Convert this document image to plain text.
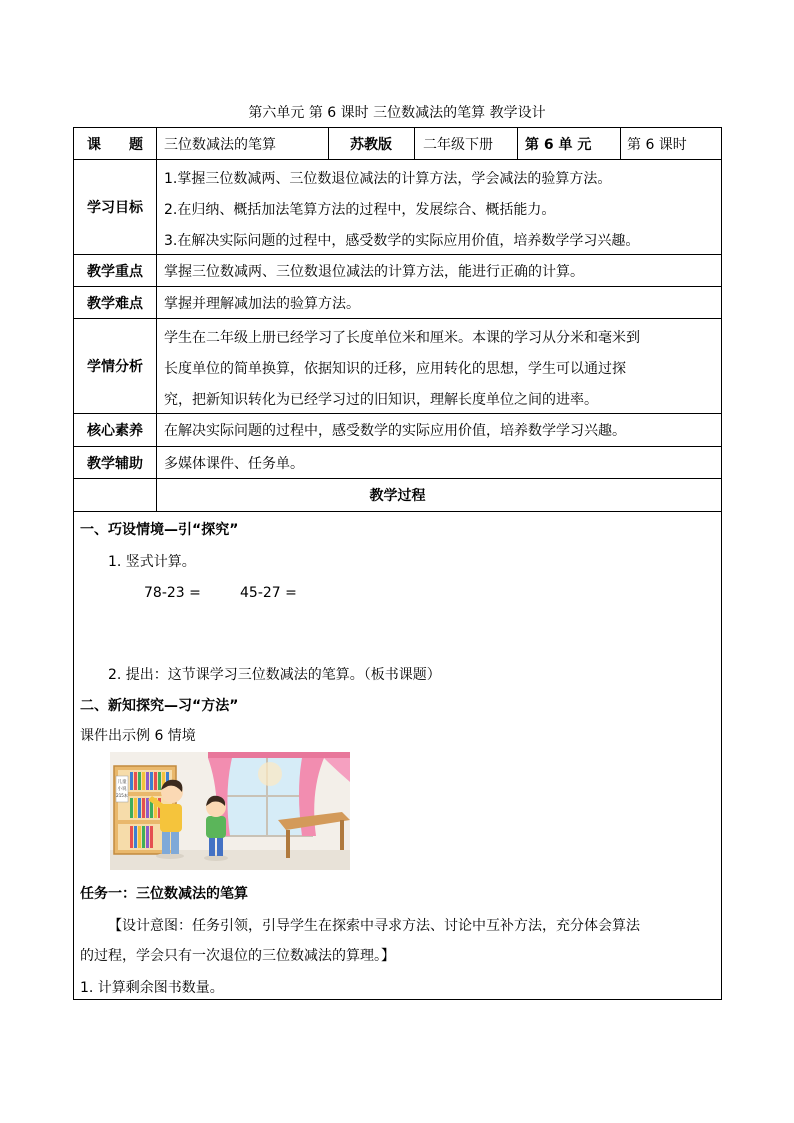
第六单元 第 6 课时 三位数减法的笔算 教学设计
课　　题	三位数减法的笔算	苏教版	二年级下册	第 6 单 元	第 6 课时
学习目标
1.掌握三位数减两、三位数退位减法的计算方法，学会减法的验算方法。
2.在归纳、概括加法笔算方法的过程中，发展综合、概括能力。
3.在解决实际问题的过程中，感受数学的实际应用价值，培养数学学习兴趣。
教学重点	掌握三位数减两、三位数退位减法的计算方法，能进行正确的计算。
教学难点	掌握并理解减加法的验算方法。
学情分析
学生在二年级上册已经学习了长度单位米和厘米。本课的学习从分米和毫米到
长度单位的简单换算，依据知识的迁移，应用转化的思想，学生可以通过探
究，把新知识转化为已经学习过的旧知识，理解长度单位之间的进率。
核心素养	在解决实际问题的过程中，感受数学的实际应用价值，培养数学学习兴趣。
教学辅助	多媒体课件、任务单。
教学过程
一、巧设情境—引“探究”
1. 竖式计算。
78-23 =	45-27 =
2. 提出：这节课学习三位数减法的笔算。（板书课题）
二、新知探究—习“方法”
课件出示例 6 情境
任务一：三位数减法的笔算
【设计意图：任务引领，引导学生在探索中寻求方法、讨论中互补方法，充分体会算法
的过程，学会只有一次退位的三位数减法的算理。】
1. 计算剩余图书数量。
儿童
小说
215本
